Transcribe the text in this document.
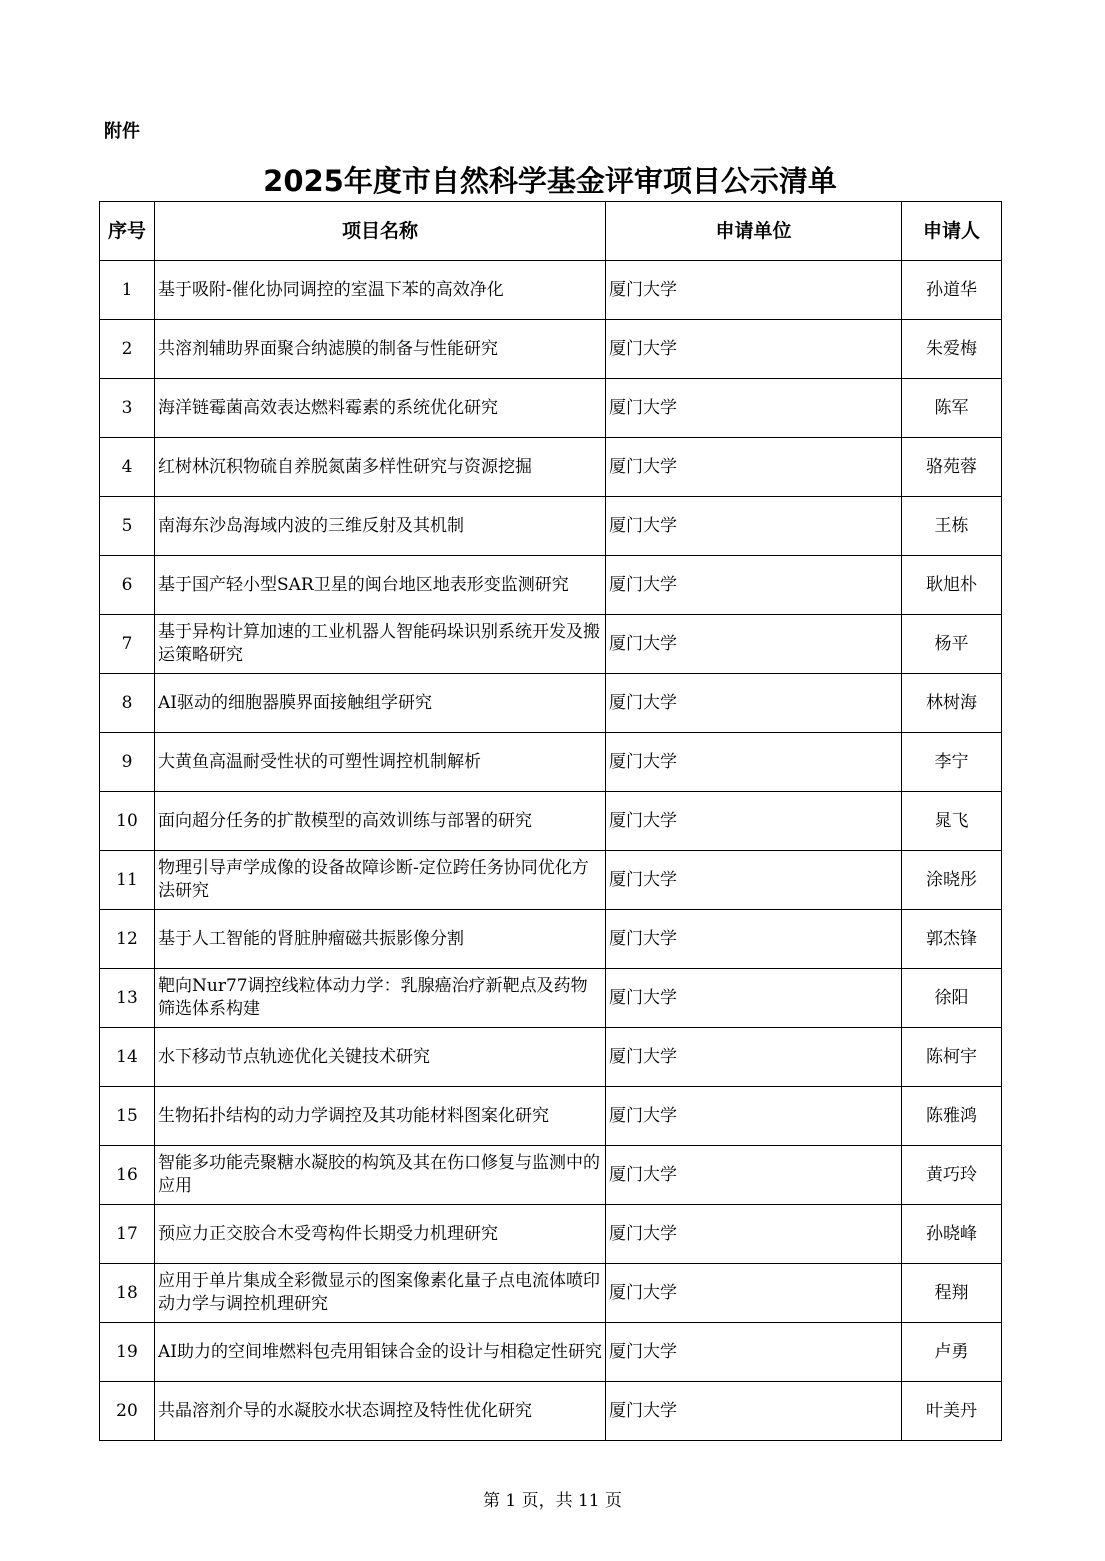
附件
2025年度市自然科学基金评审项目公示清单
序号	项目名称	申请单位	申请人
1	基于吸附-催化协同调控的室温下苯的高效净化	厦门大学	孙道华
2	共溶剂辅助界面聚合纳滤膜的制备与性能研究	厦门大学	朱爱梅
3	海洋链霉菌高效表达燃料霉素的系统优化研究	厦门大学	陈军
4	红树林沉积物硫自养脱氮菌多样性研究与资源挖掘	厦门大学	骆苑蓉
5	南海东沙岛海域内波的三维反射及其机制	厦门大学	王栋
6	基于国产轻小型SAR卫星的闽台地区地表形变监测研究	厦门大学	耿旭朴
7	基于异构计算加速的工业机器人智能码垛识别系统开发及搬运策略研究	厦门大学	杨平
8	AI驱动的细胞器膜界面接触组学研究	厦门大学	林树海
9	大黄鱼高温耐受性状的可塑性调控机制解析	厦门大学	李宁
10	面向超分任务的扩散模型的高效训练与部署的研究	厦门大学	晁飞
11	物理引导声学成像的设备故障诊断-定位跨任务协同优化方法研究	厦门大学	涂晓彤
12	基于人工智能的肾脏肿瘤磁共振影像分割	厦门大学	郭杰锋
13	靶向Nur77调控线粒体动力学：乳腺癌治疗新靶点及药物筛选体系构建	厦门大学	徐阳
14	水下移动节点轨迹优化关键技术研究	厦门大学	陈柯宇
15	生物拓扑结构的动力学调控及其功能材料图案化研究	厦门大学	陈雅鸿
16	智能多功能壳聚糖水凝胶的构筑及其在伤口修复与监测中的应用	厦门大学	黄巧玲
17	预应力正交胶合木受弯构件长期受力机理研究	厦门大学	孙晓峰
18	应用于单片集成全彩微显示的图案像素化量子点电流体喷印动力学与调控机理研究	厦门大学	程翔
19	AI助力的空间堆燃料包壳用钼铼合金的设计与相稳定性研究	厦门大学	卢勇
20	共晶溶剂介导的水凝胶水状态调控及特性优化研究	厦门大学	叶美丹
第 1 页，共 11 页
